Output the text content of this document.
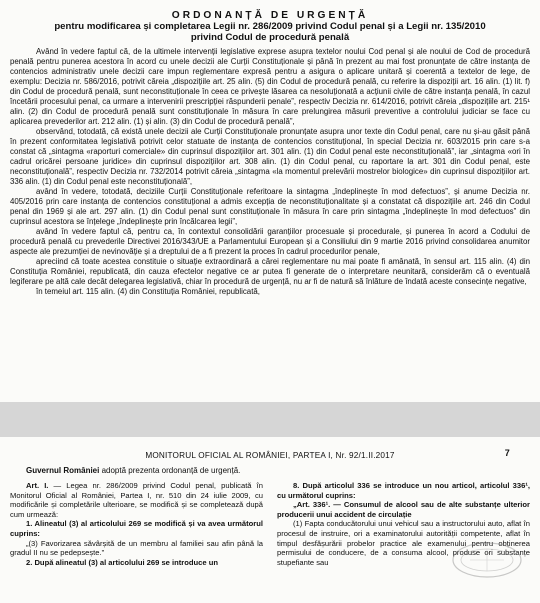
ORDONANȚĂ DE URGENȚĂ

pentru modificarea și completarea Legii nr. 286/2009 privind Codul penal și a Legii nr. 135/2010

privind Codul de procedură penală

Având în vedere faptul că, de la ultimele intervenții legislative exprese asupra textelor noului Cod penal și ale noului de Cod de procedură penală pentru punerea acestora în acord cu unele decizii ale Curții Constituționale și până în prezent au mai fost pronunțate de către instanța de contencios administrativ unele decizii care impun reglementare expresă pentru a asigura o aplicare unitară și coerentă a textelor de lege, de exemplu: Decizia nr. 586/2016, potrivit căreia „dispozițiile art. 25 alin. (5) din Codul de procedură penală, cu referire la dispoziții art. 16 alin. (1) lit. f) din Codul de procedură penală, sunt neconstituționale în ceea ce privește lăsarea ca nesoluționată a acțiunii civile de către instanța penală, în cazul încetării procesului penal, ca urmare a intervenirii prescripției răspunderii penale”, respectiv Decizia nr. 614/2016, potrivit căreia „dispozițiile art. 215¹ alin. (2) din Codul de procedură penală sunt constituționale în măsura în care prelungirea măsurii preventive a controlului judiciar se face cu aplicarea prevederilor art. 212 alin. (1) și alin. (3) din Codul de procedură penală”,

observând, totodată, că există unele decizii ale Curții Constituționale pronunțate asupra unor texte din Codul penal, care nu și-au găsit până în prezent conformitatea legislativă potrivit celor statuate de instanța de contencios constituțional, în special Decizia nr. 603/2015 prin care s-a constat că „sintagma «raporturi comerciale» din cuprinsul dispozițiilor art. 301 alin. (1) din Codul penal este neconstituțională”, iar „sintagma «ori în cadrul oricărei persoane juridice» din cuprinsul dispozițiilor art. 308 alin. (1) din Codul penal, cu raportare la art. 301 din Codul penal, este neconstituțională”, respectiv Decizia nr. 732/2014 potrivit căreia „sintagma «la momentul prelevării mostrelor biologice» din cuprinsul dispozițiilor art. 336 alin. (1) din Codul penal este neconstituțională”,

având în vedere, totodată, deciziile Curții Constituționale referitoare la sintagma „îndeplinește în mod defectuos”, și anume Decizia nr. 405/2016 prin care instanța de contencios constituțional a admis excepția de neconstituționalitate și a constatat că dispozițiile art. 246 din Codul penal din 1969 și ale art. 297 alin. (1) din Codul penal sunt constituționale în măsura în care prin sintagma „îndeplinește în mod defectuos” din cuprinsul acestora se înțelege „îndeplinește prin încălcarea legii”,

având în vedere faptul că, pentru ca, în contextul consolidării garanțiilor procesuale și procedurale, și punerea în acord a Codului de procedură penală cu prevederile Directivei 2016/343/UE a Parlamentului European și a Consiliului din 9 martie 2016 privind consolidarea anumitor aspecte ale prezumției de nevinovăție și a dreptului de a fi prezent la proces în cadrul procedurilor penale,

apreciind că toate acestea constituie o situație extraordinară a cărei reglementare nu mai poate fi amânată, în sensul art. 115 alin. (4) din Constituția României, republicată, din cauza efectelor negative ce ar putea fi generate de o interpretare neunitară, considerăm că o eventuală legiferare pe altă cale decât delegarea legislativă, chiar în procedură de urgență, nu ar fi de natură să înlăture de îndată aceste consecințe negative,

în temeiul art. 115 alin. (4) din Constituția României, republicată,

MONITORUL OFICIAL AL ROMÂNIEI, PARTEA I, Nr. 92/1.II.2017	7

Guvernul României adoptă prezenta ordonanță de urgență.

Art. I. — Legea nr. 286/2009 privind Codul penal, publicată în Monitorul Oficial al României, Partea I, nr. 510 din 24 iulie 2009, cu modificările și completările ulterioare, se modifică și se completează după cum urmează:

1. Alineatul (3) al articolului 269 se modifică și va avea următorul cuprins:

„(3) Favorizarea săvârșită de un membru al familiei sau afin până la gradul II nu se pedepsește.”

2. După alineatul (3) al articolului 269 se introduce un

8. După articolul 336 se introduce un nou articol, articolul 336¹, cu următorul cuprins:

„Art. 336¹. — Consumul de alcool sau de alte substanțe ulterior producerii unui accident de circulație

(1) Fapta conducătorului unui vehicul sau a instructorului auto, aflat în procesul de instruire, ori a examinatorului autorității competente, aflat în timpul desfășurării probelor practice ale examenului pentru obținerea permisului de conducere, de a consuma alcool, produse ori substanțe stupefiante sau
